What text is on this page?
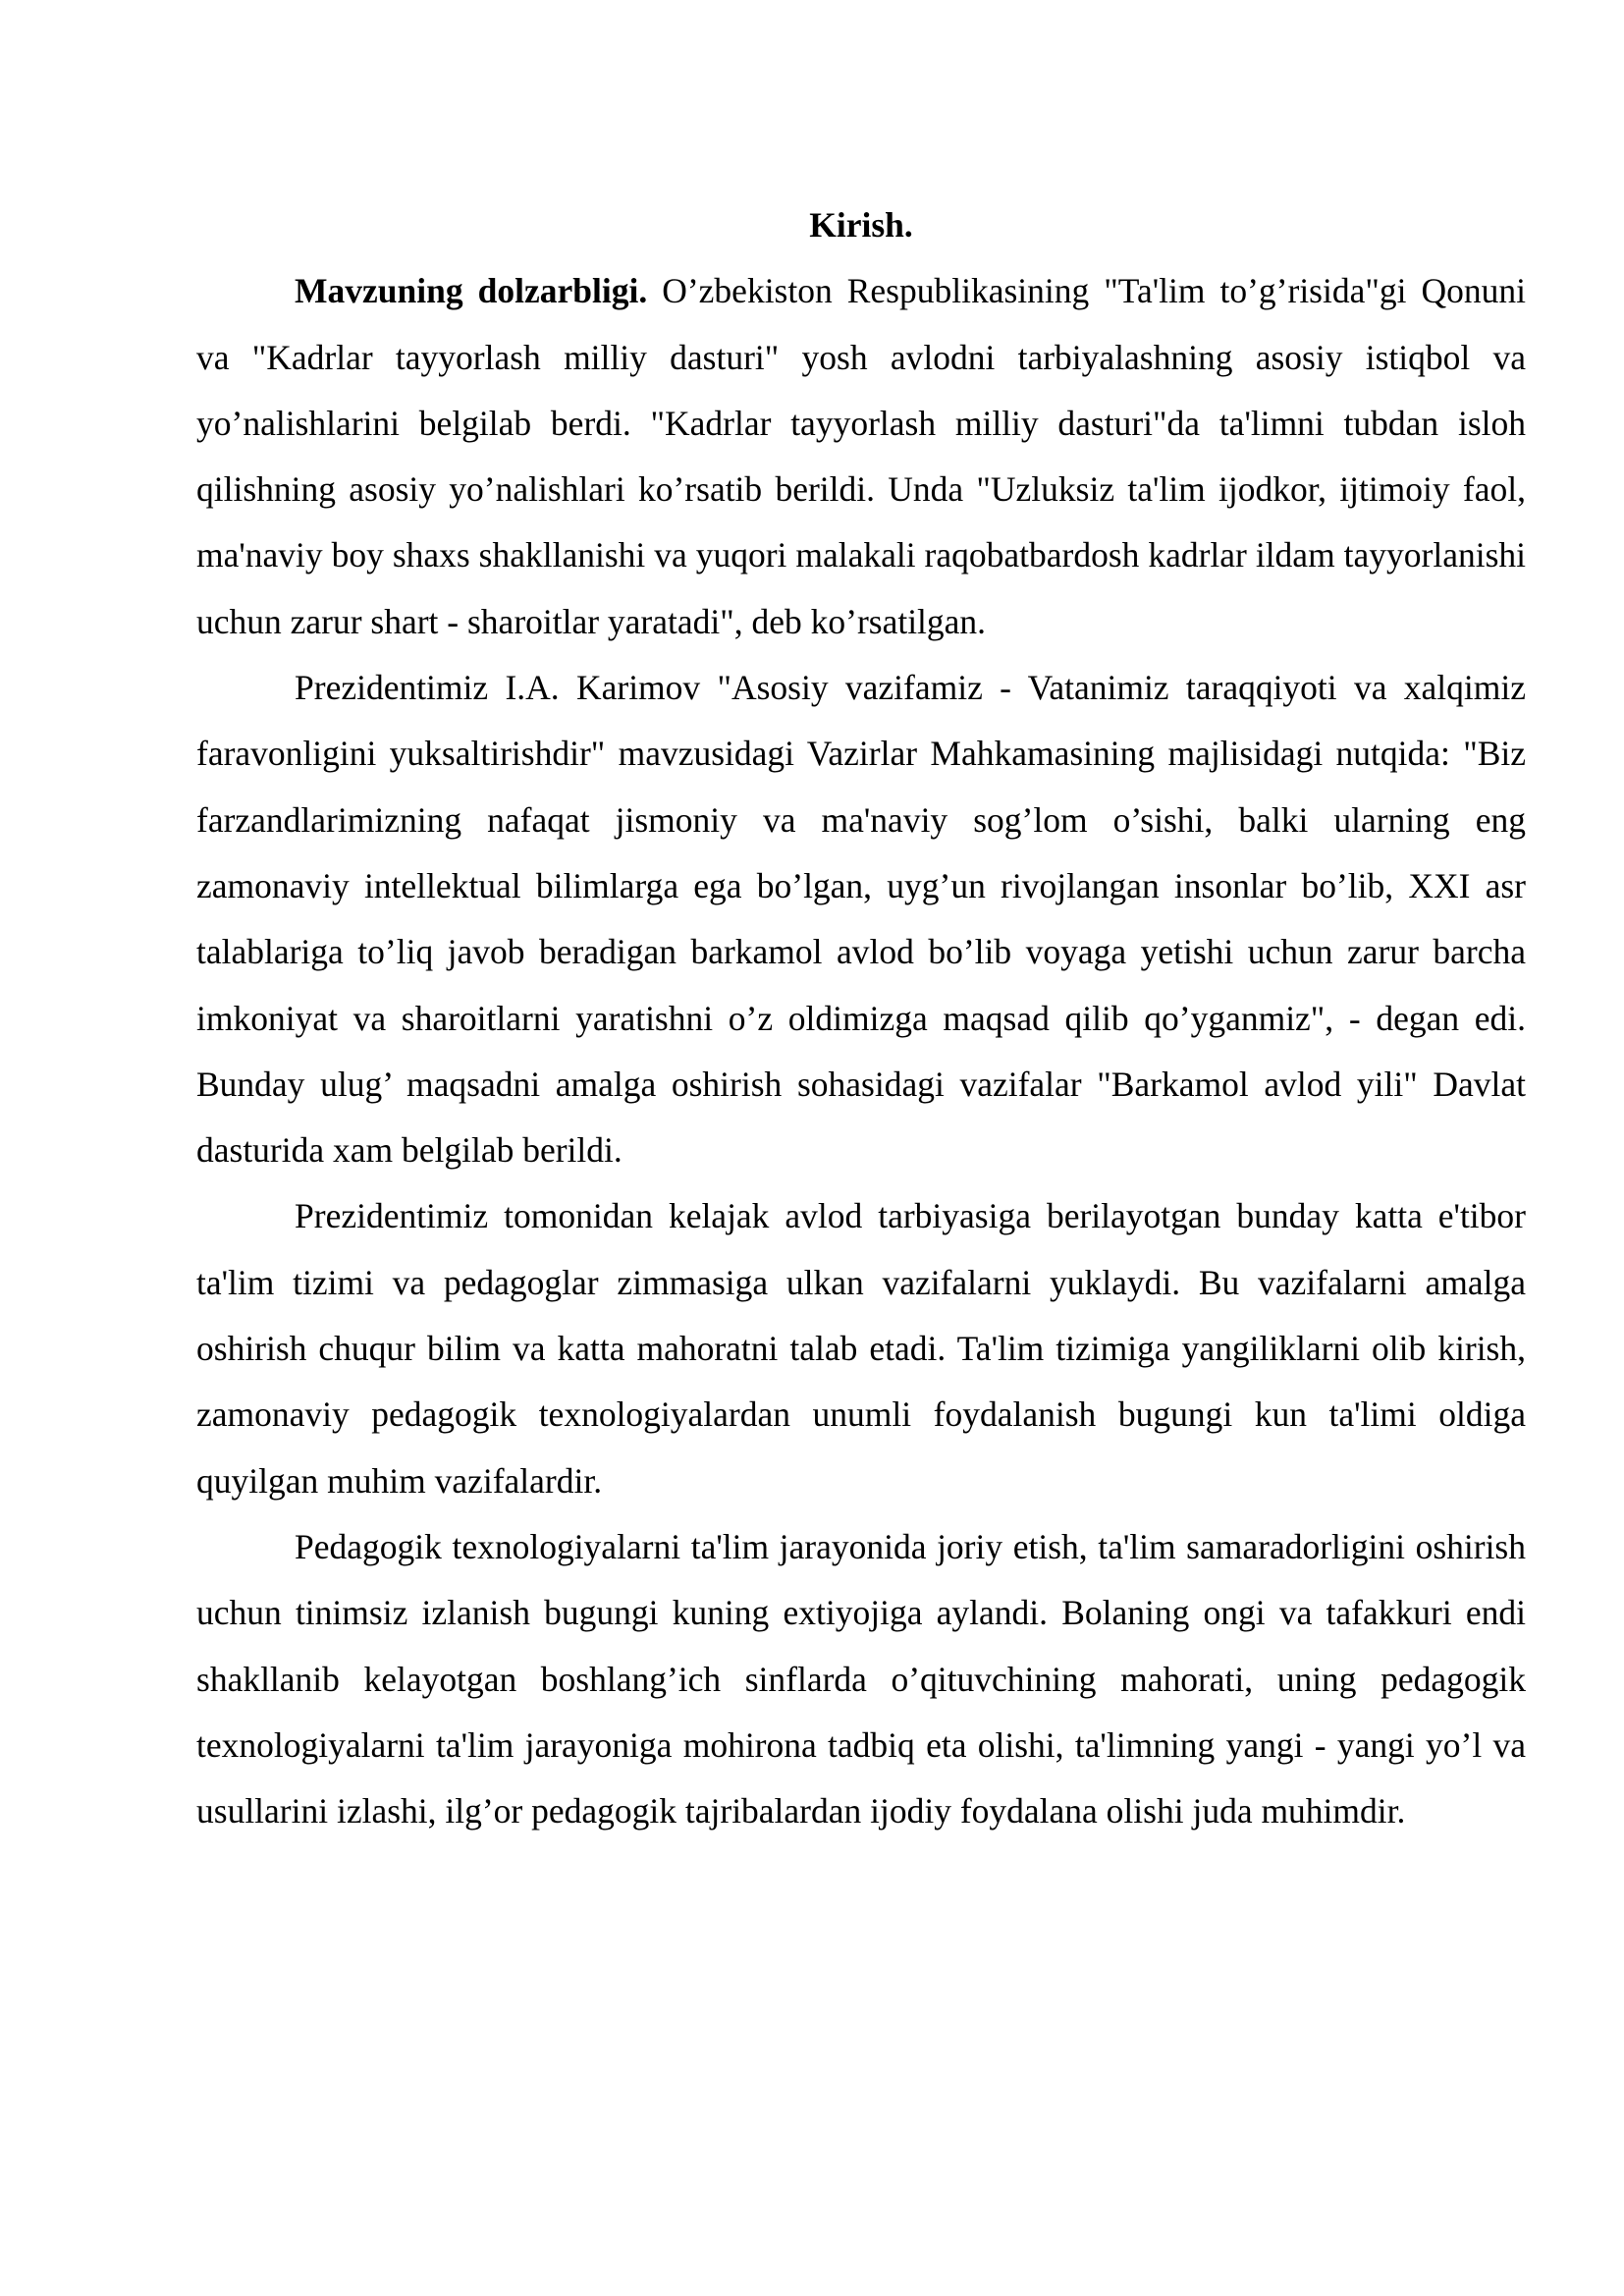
Kirish.

Mavzuning dolzarbligi. O’zbekiston Respublikasining "Ta'lim to’g’risida"gi Qonuni va "Kadrlar tayyorlash milliy dasturi" yosh avlodni tarbiyalashning asosiy istiqbol va yo’nalishlarini belgilab berdi. "Kadrlar tayyorlash milliy dasturi"da ta'limni tubdan isloh qilishning asosiy yo’nalishlari ko’rsatib berildi. Unda "Uzluksiz ta'lim ijodkor, ijtimoiy faol, ma'naviy boy shaxs shakllanishi va yuqori malakali raqobatbardosh kadrlar ildam tayyorlanishi uchun zarur shart - sharoitlar yaratadi", deb ko’rsatilgan.

Prezidentimiz I.A. Karimov "Asosiy vazifamiz - Vatanimiz taraqqiyoti va xalqimiz faravonligini yuksaltirishdir" mavzusidagi Vazirlar Mahkamasining majlisidagi nutqida: "Biz farzandlarimizning nafaqat jismoniy va ma'naviy sog’lom o’sishi, balki ularning eng zamonaviy intellektual bilimlarga ega bo’lgan, uyg’un rivojlangan insonlar bo’lib, XXI asr talablariga to’liq javob beradigan barkamol avlod bo’lib voyaga yetishi uchun zarur barcha imkoniyat va sharoitlarni yaratishni o’z oldimizga maqsad qilib qo’yganmiz", - degan edi. Bunday ulug’ maqsadni amalga oshirish sohasidagi vazifalar "Barkamol avlod yili" Davlat dasturida xam belgilab berildi.

Prezidentimiz tomonidan kelajak avlod tarbiyasiga berilayotgan bunday katta e'tibor ta'lim tizimi va pedagoglar zimmasiga ulkan vazifalarni yuklaydi. Bu vazifalarni amalga oshirish chuqur bilim va katta mahoratni talab etadi. Ta'lim tizimiga yangiliklarni olib kirish, zamonaviy pedagogik texnologiyalardan unumli foydalanish bugungi kun ta'limi oldiga quyilgan muhim vazifalardir.

Pedagogik texnologiyalarni ta'lim jarayonida joriy etish, ta'lim samaradorligini oshirish uchun tinimsiz izlanish bugungi kuning extiyojiga aylandi. Bolaning ongi va tafakkuri endi shakllanib kelayotgan boshlang’ich sinflarda o’qituvchining mahorati, uning pedagogik texnologiyalarni ta'lim jarayoniga mohirona tadbiq eta olishi, ta'limning yangi - yangi yo’l va usullarini izlashi, ilg’or pedagogik tajribalardan ijodiy foydalana olishi juda muhimdir.
